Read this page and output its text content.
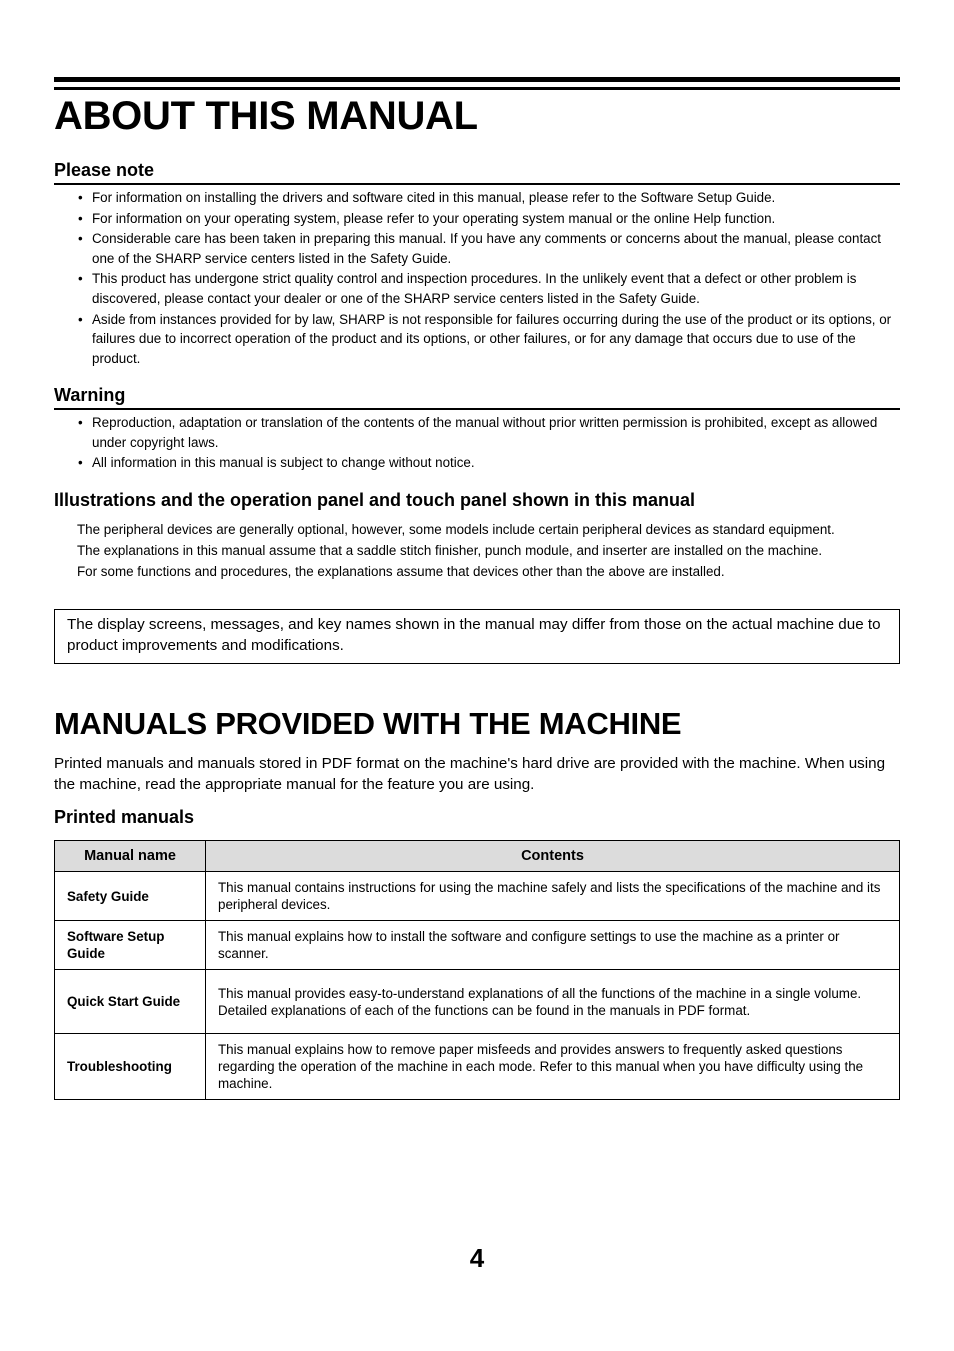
ABOUT THIS MANUAL
Please note
• For information on installing the drivers and software cited in this manual, please refer to the Software Setup Guide.
• For information on your operating system, please refer to your operating system manual or the online Help function.
• Considerable care has been taken in preparing this manual. If you have any comments or concerns about the manual, please contact one of the SHARP service centers listed in the Safety Guide.
• This product has undergone strict quality control and inspection procedures. In the unlikely event that a defect or other problem is discovered, please contact your dealer or one of the SHARP service centers listed in the Safety Guide.
• Aside from instances provided for by law, SHARP is not responsible for failures occurring during the use of the product or its options, or failures due to incorrect operation of the product and its options, or other failures, or for any damage that occurs due to use of the product.
Warning
• Reproduction, adaptation or translation of the contents of the manual without prior written permission is prohibited, except as allowed under copyright laws.
• All information in this manual is subject to change without notice.
Illustrations and the operation panel and touch panel shown in this manual

The peripheral devices are generally optional, however, some models include certain peripheral devices as standard equipment.

The explanations in this manual assume that a saddle stitch finisher, punch module, and inserter are installed on the machine.

For some functions and procedures, the explanations assume that devices other than the above are installed.

The display screens, messages, and key names shown in the manual may differ from those on the actual machine due to product improvements and modifications.
MANUALS PROVIDED WITH THE MACHINE

Printed manuals and manuals stored in PDF format on the machine's hard drive are provided with the machine. When using the machine, read the appropriate manual for the feature you are using.

Printed manuals
Manual name	Contents
Safety Guide	This manual contains instructions for using the machine safely and lists the specifications of the machine and its peripheral devices.

Software Setup Guide	This manual explains how to install the software and configure settings to use the machine as a printer or scanner.

Quick Start Guide	This manual provides easy-to-understand explanations of all the functions of the machine in a single volume.
Detailed explanations of each of the functions can be found in the manuals in PDF format.

Troubleshooting	This manual explains how to remove paper misfeeds and provides answers to frequently asked questions regarding the operation of the machine in each mode. Refer to this manual when you have difficulty using the machine.
4
